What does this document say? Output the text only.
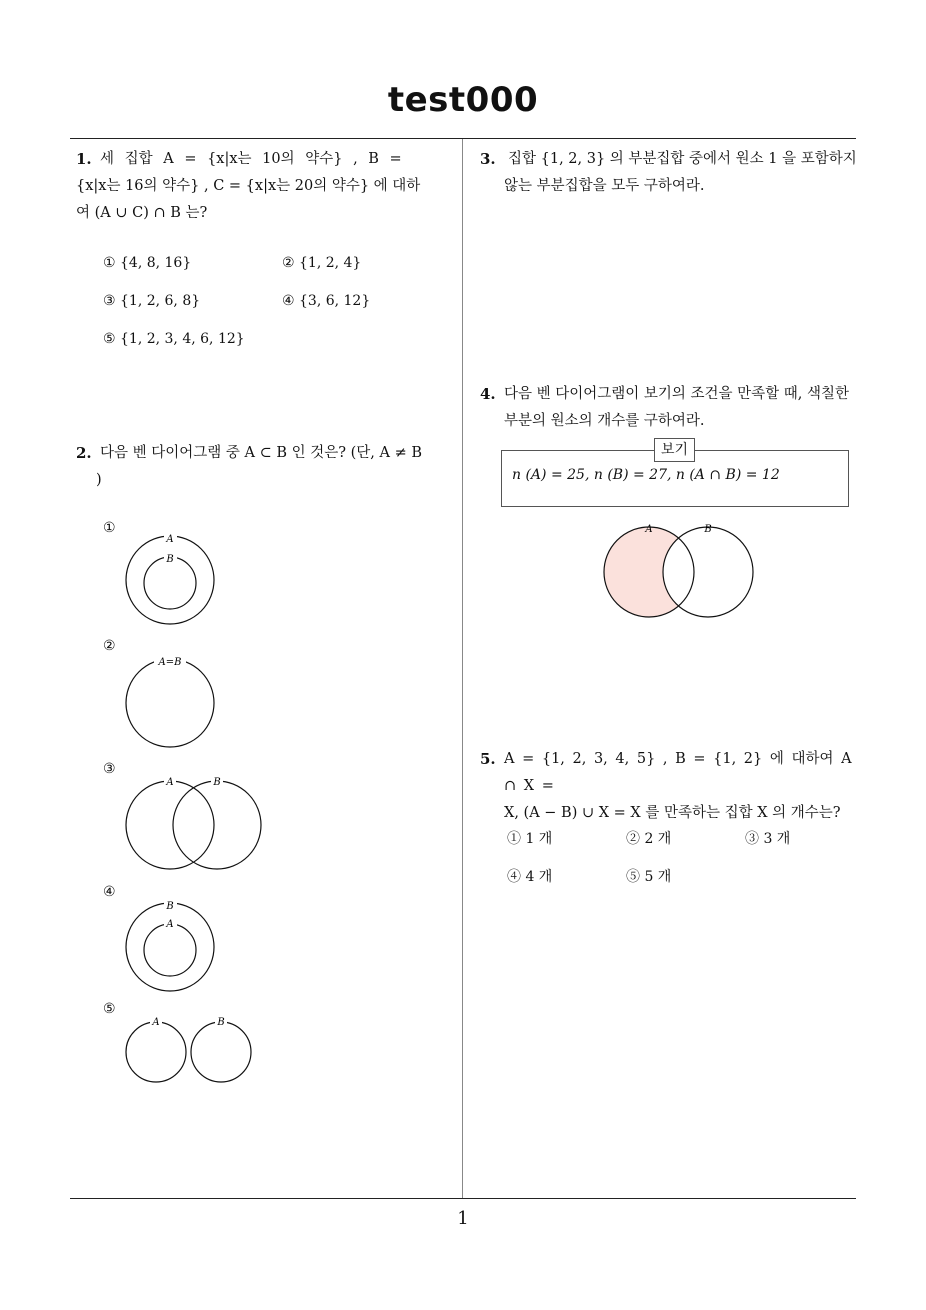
test000
1
1. 세 집합 A = {x|x는 10의 약수} , B =
{x|x는 16의 약수} , C = {x|x는 20의 약수} 에 대하
여 (A ∪ C) ∩ B 는?
① {4, 8, 16}	② {1, 2, 4}
③ {1, 2, 6, 8}	④ {3, 6, 12}
⑤ {1, 2, 3, 4, 6, 12}
2. 다음 벤 다이어그램 중 A ⊂ B 인 것은? (단, A ≠ B
)
①
②
③
④
⑤
A
B
A=B
A	B
B
A
A	B
3. 집합 {1, 2, 3} 의 부분집합 중에서 원소 1 을 포함하지
않는 부분집합을 모두 구하여라.
4. 다음 벤 다이어그램이 보기의 조건을 만족할 때, 색칠한
부분의 원소의 개수를 구하여라.
보기
n (A) = 25, n (B) = 27, n (A ∩ B) = 12
A	B
5. A = {1, 2, 3, 4, 5} , B = {1, 2} 에 대하여 A ∩ X =
X, (A − B) ∪ X = X 를 만족하는 집합 X 의 개수는?
① 1 개	② 2 개	③ 3 개
④ 4 개	⑤ 5 개
